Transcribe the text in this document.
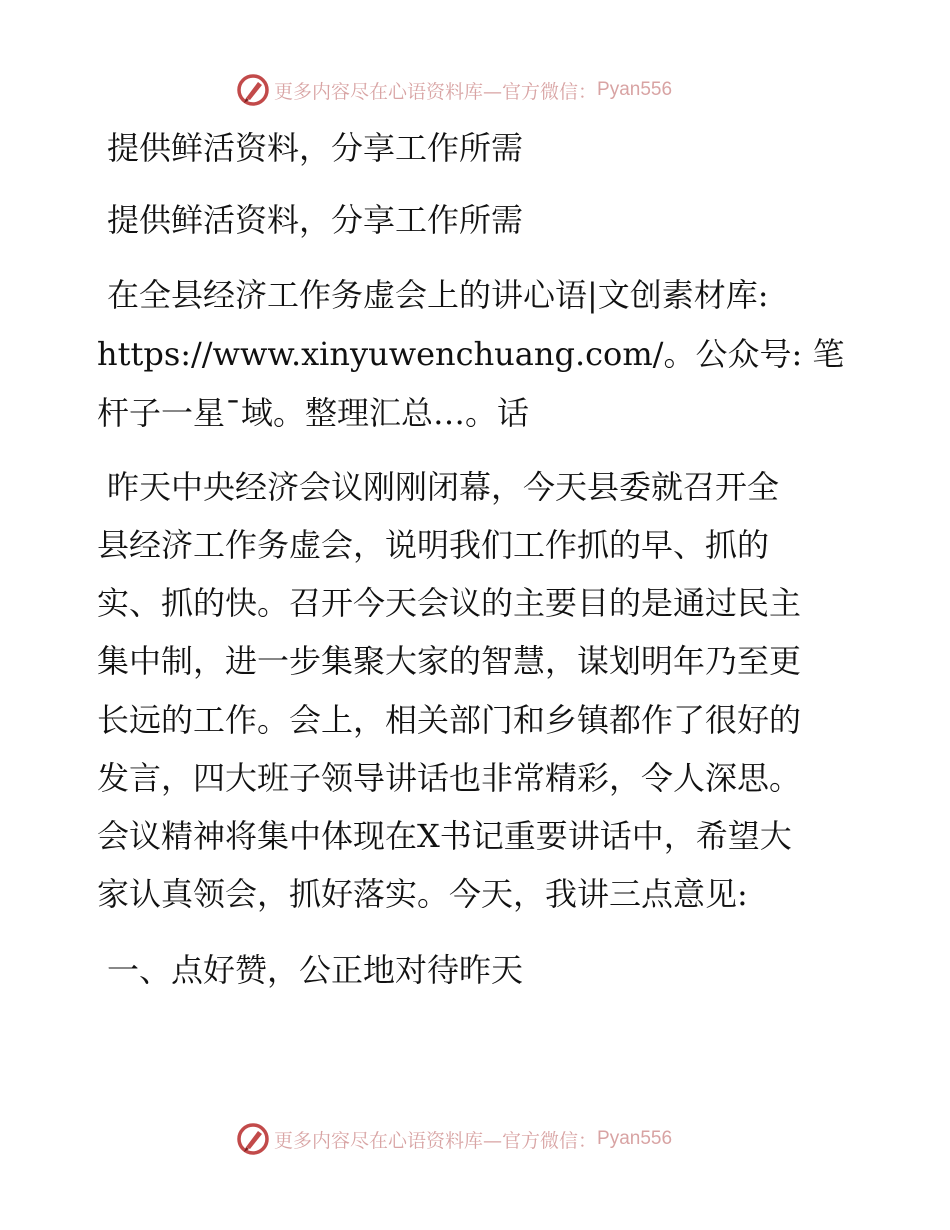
更多内容尽在心语资料库—官方微信： Pyan556

提供鲜活资料，分享工作所需

提供鲜活资料，分享工作所需

在全县经济工作务虚会上的讲心语|文创素材库:

https://www.xinyuwenchuang.com/。公众号: 笔

杆子一星¯域。整理汇总…。话

昨天中央经济会议刚刚闭幕，今天县委就召开全

县经济工作务虚会，说明我们工作抓的早、抓的

实、抓的快。召开今天会议的主要目的是通过民主

集中制，进一步集聚大家的智慧，谋划明年乃至更

长远的工作。会上，相关部门和乡镇都作了很好的

发言，四大班子领导讲话也非常精彩，令人深思。

会议精神将集中体现在X书记重要讲话中，希望大

家认真领会，抓好落实。今天，我讲三点意见:

一、点好赞，公正地对待昨天

更多内容尽在心语资料库—官方微信： Pyan556
